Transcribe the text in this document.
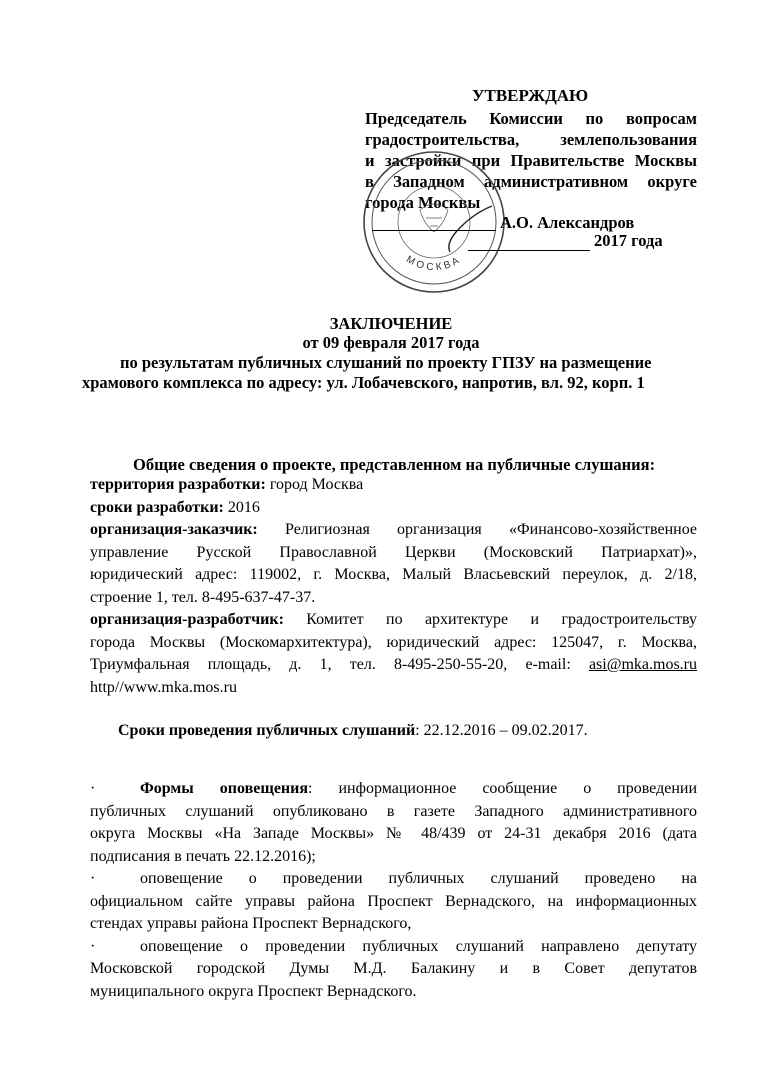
УТВЕРЖДАЮ
Председатель Комиссии по вопросам
градостроительства, землепользования
и застройки при Правительстве Москвы
в Западном административном округе
города Москвы
МОСКВА
А.О. Александров
2017 года
ЗАКЛЮЧЕНИЕ
от 09 февраля 2017 года
по результатам публичных слушаний по проекту ГПЗУ на размещение
храмового комплекса по адресу: ул. Лобачевского, напротив, вл. 92, корп. 1
Общие сведения о проекте, представленном на публичные слушания:
территория разработки: город Москва
сроки разработки: 2016
организация-заказчик: Религиозная организация «Финансово-хозяйственное
управление Русской Православной Церкви (Московский Патриархат)»,
юридический адрес: 119002, г. Москва, Малый Власьевский переулок, д. 2/18,
строение 1, тел. 8-495-637-47-37.
организация-разработчик: Комитет по архитектуре и градостроительству
города Москвы (Москомархитектура), юридический адрес: 125047, г. Москва,
Триумфальная площадь, д. 1, тел. 8-495-250-55-20, e-mail: asi@mka.mos.ru
http//www.mka.mos.ru
Сроки проведения публичных слушаний: 22.12.2016 – 09.02.2017.
·	Формы оповещения: информационное сообщение о проведении
публичных слушаний опубликовано в газете Западного административного
округа Москвы «На Западе Москвы» № 48/439 от 24-31 декабря 2016 (дата
подписания в печать 22.12.2016);
·	оповещение о проведении публичных слушаний проведено на
официальном сайте управы района Проспект Вернадского, на информационных
стендах управы района Проспект Вернадского,
·	оповещение о проведении публичных слушаний направлено депутату
Московской городской Думы М.Д. Балакину и в Совет депутатов
муниципального округа Проспект Вернадского.
